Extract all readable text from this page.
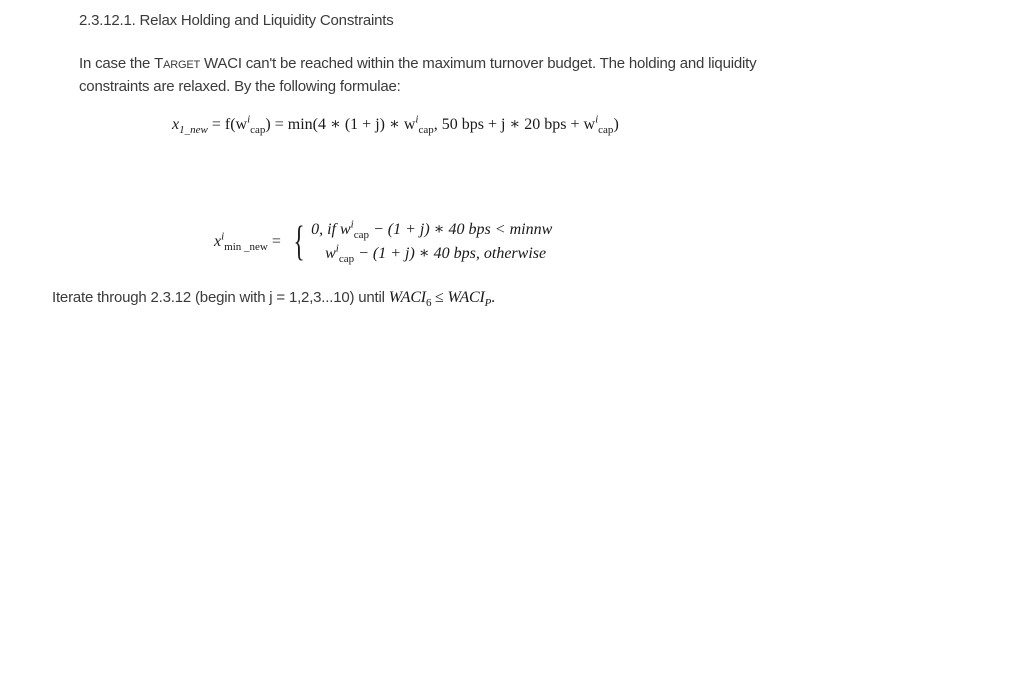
2.3.12.1. Relax Holding and Liquidity Constraints
In case the Target WACI can't be reached within the maximum turnover budget. The holding and liquidity constraints are relaxed. By the following formulae:
$x_{1\_new} = f(w^i_{cap}) = \min(4$ ∗ (1 + j) ∗ $w^i_{cap}$, 50 bps + j ∗ 20 bps + $w^i_{cap}$)
$x^i_{min \_new}$ = { 0, if $w^i_{cap} - (1 + j)$ ∗ 40 bps < minnw
$w^i_{cap} - (1 + j)$ ∗ 40 bps, otherwise
Iterate through 2.3.12 (begin with j = 1,2,3...10) until $WACI_6$ ≤ $WACI_P$.
